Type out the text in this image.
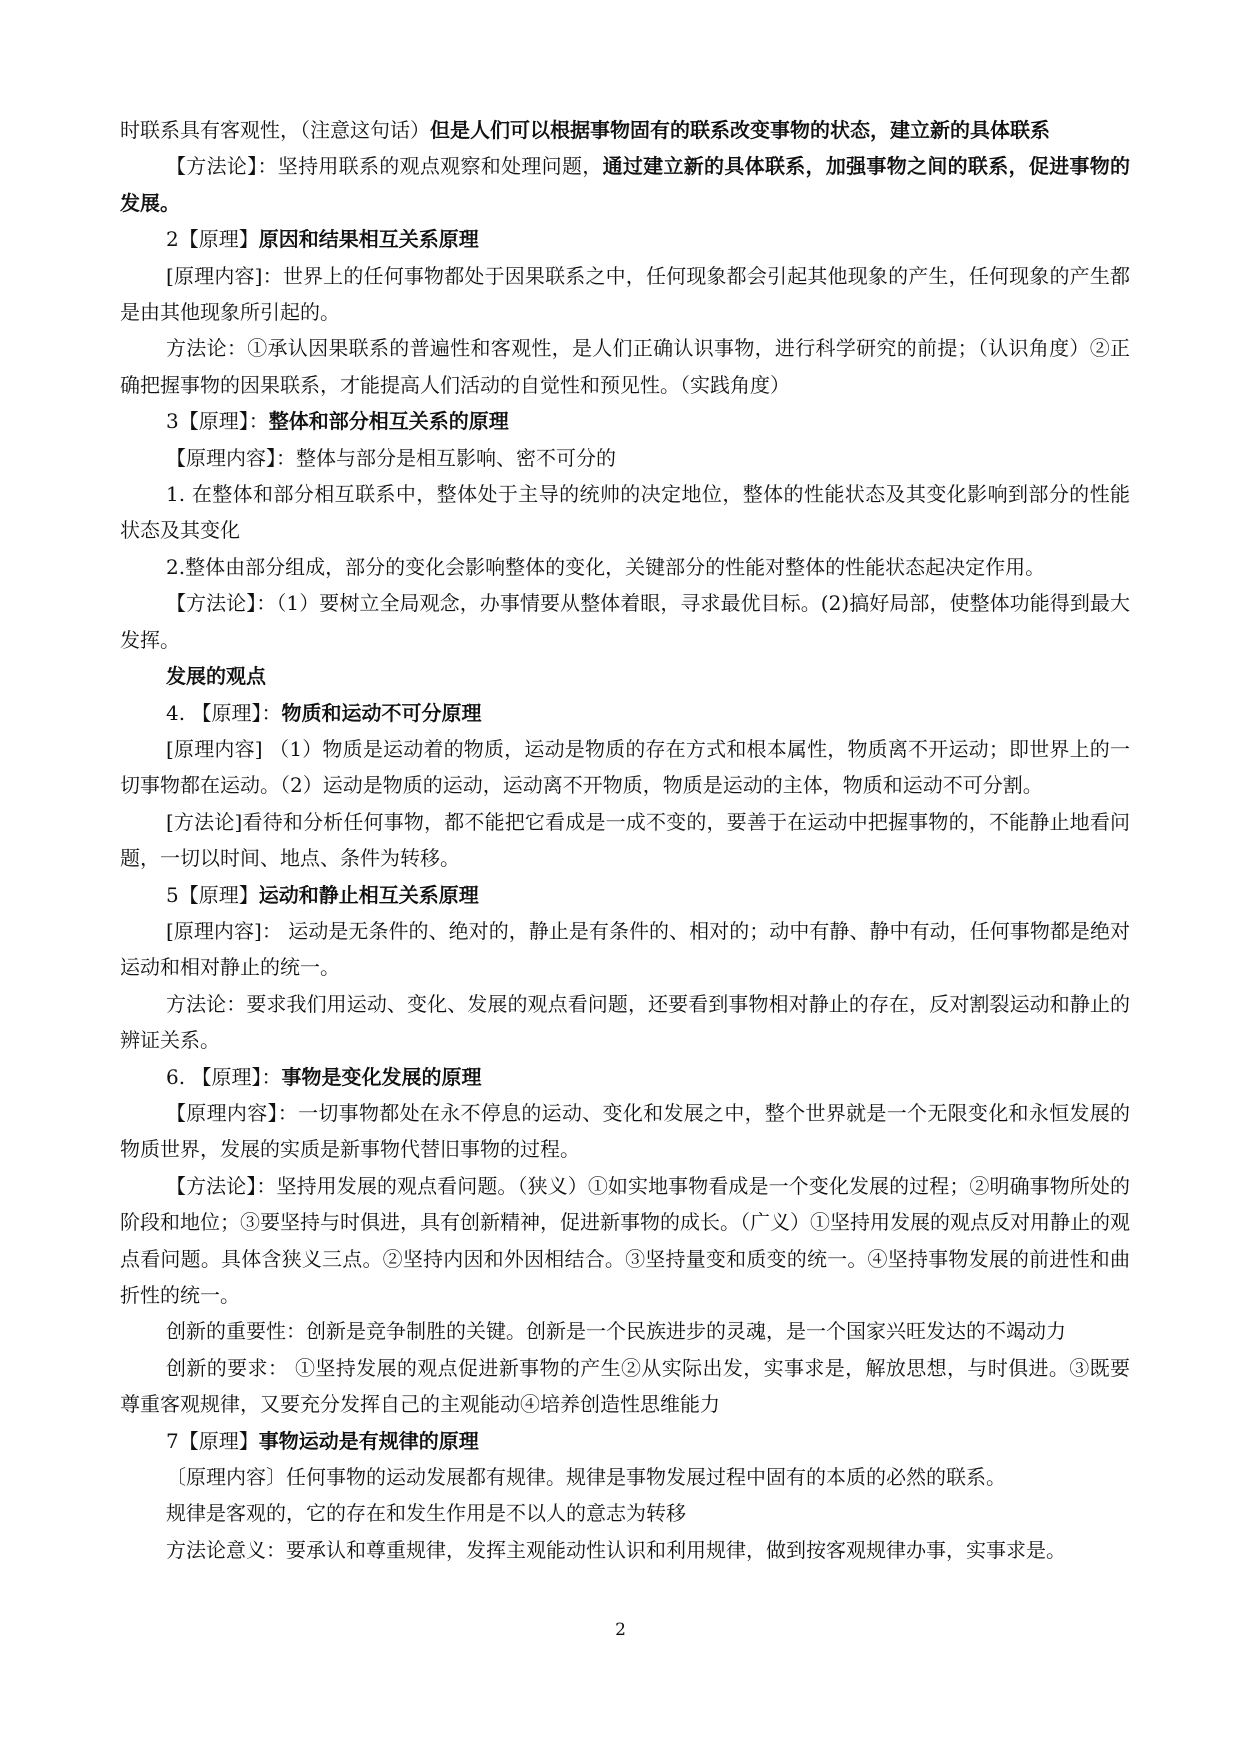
时联系具有客观性，（注意这句话）但是人们可以根据事物固有的联系改变事物的状态，建立新的具体联系

【方法论】：坚持用联系的观点观察和处理问题，通过建立新的具体联系，加强事物之间的联系，促进事物的发展。

2【原理】原因和结果相互关系原理

[原理内容]：世界上的任何事物都处于因果联系之中，任何现象都会引起其他现象的产生，任何现象的产生都是由其他现象所引起的。

方法论：①承认因果联系的普遍性和客观性，是人们正确认识事物，进行科学研究的前提；（认识角度）②正确把握事物的因果联系，才能提高人们活动的自觉性和预见性。（实践角度）

3【原理】：整体和部分相互关系的原理

【原理内容】：整体与部分是相互影响、密不可分的

1. 在整体和部分相互联系中，整体处于主导的统帅的决定地位，整体的性能状态及其变化影响到部分的性能状态及其变化

2.整体由部分组成，部分的变化会影响整体的变化，关键部分的性能对整体的性能状态起决定作用。

【方法论】：（1）要树立全局观念，办事情要从整体着眼，寻求最优目标。(2)搞好局部，使整体功能得到最大发挥。

发展的观点

4. 【原理】：物质和运动不可分原理

[原理内容] （1）物质是运动着的物质，运动是物质的存在方式和根本属性，物质离不开运动；即世界上的一切事物都在运动。（2）运动是物质的运动，运动离不开物质，物质是运动的主体，物质和运动不可分割。

[方法论]看待和分析任何事物，都不能把它看成是一成不变的，要善于在运动中把握事物的，不能静止地看问题，一切以时间、地点、条件为转移。

5【原理】运动和静止相互关系原理

[原理内容]： 运动是无条件的、绝对的，静止是有条件的、相对的；动中有静、静中有动，任何事物都是绝对运动和相对静止的统一。

方法论：要求我们用运动、变化、发展的观点看问题，还要看到事物相对静止的存在，反对割裂运动和静止的辨证关系。

6. 【原理】：事物是变化发展的原理

【原理内容】：一切事物都处在永不停息的运动、变化和发展之中，整个世界就是一个无限变化和永恒发展的物质世界，发展的实质是新事物代替旧事物的过程。

【方法论】：坚持用发展的观点看问题。（狭义）①如实地事物看成是一个变化发展的过程；②明确事物所处的阶段和地位；③要坚持与时俱进，具有创新精神，促进新事物的成长。（广义）①坚持用发展的观点反对用静止的观点看问题。具体含狭义三点。②坚持内因和外因相结合。③坚持量变和质变的统一。④坚持事物发展的前进性和曲折性的统一。

创新的重要性：创新是竞争制胜的关键。创新是一个民族进步的灵魂，是一个国家兴旺发达的不竭动力

创新的要求： ①坚持发展的观点促进新事物的产生②从实际出发，实事求是，解放思想，与时俱进。③既要尊重客观规律，又要充分发挥自己的主观能动④培养创造性思维能力

7【原理】事物运动是有规律的原理

〔原理内容〕任何事物的运动发展都有规律。规律是事物发展过程中固有的本质的必然的联系。

规律是客观的，它的存在和发生作用是不以人的意志为转移

方法论意义：要承认和尊重规律，发挥主观能动性认识和利用规律，做到按客观规律办事，实事求是。

2
